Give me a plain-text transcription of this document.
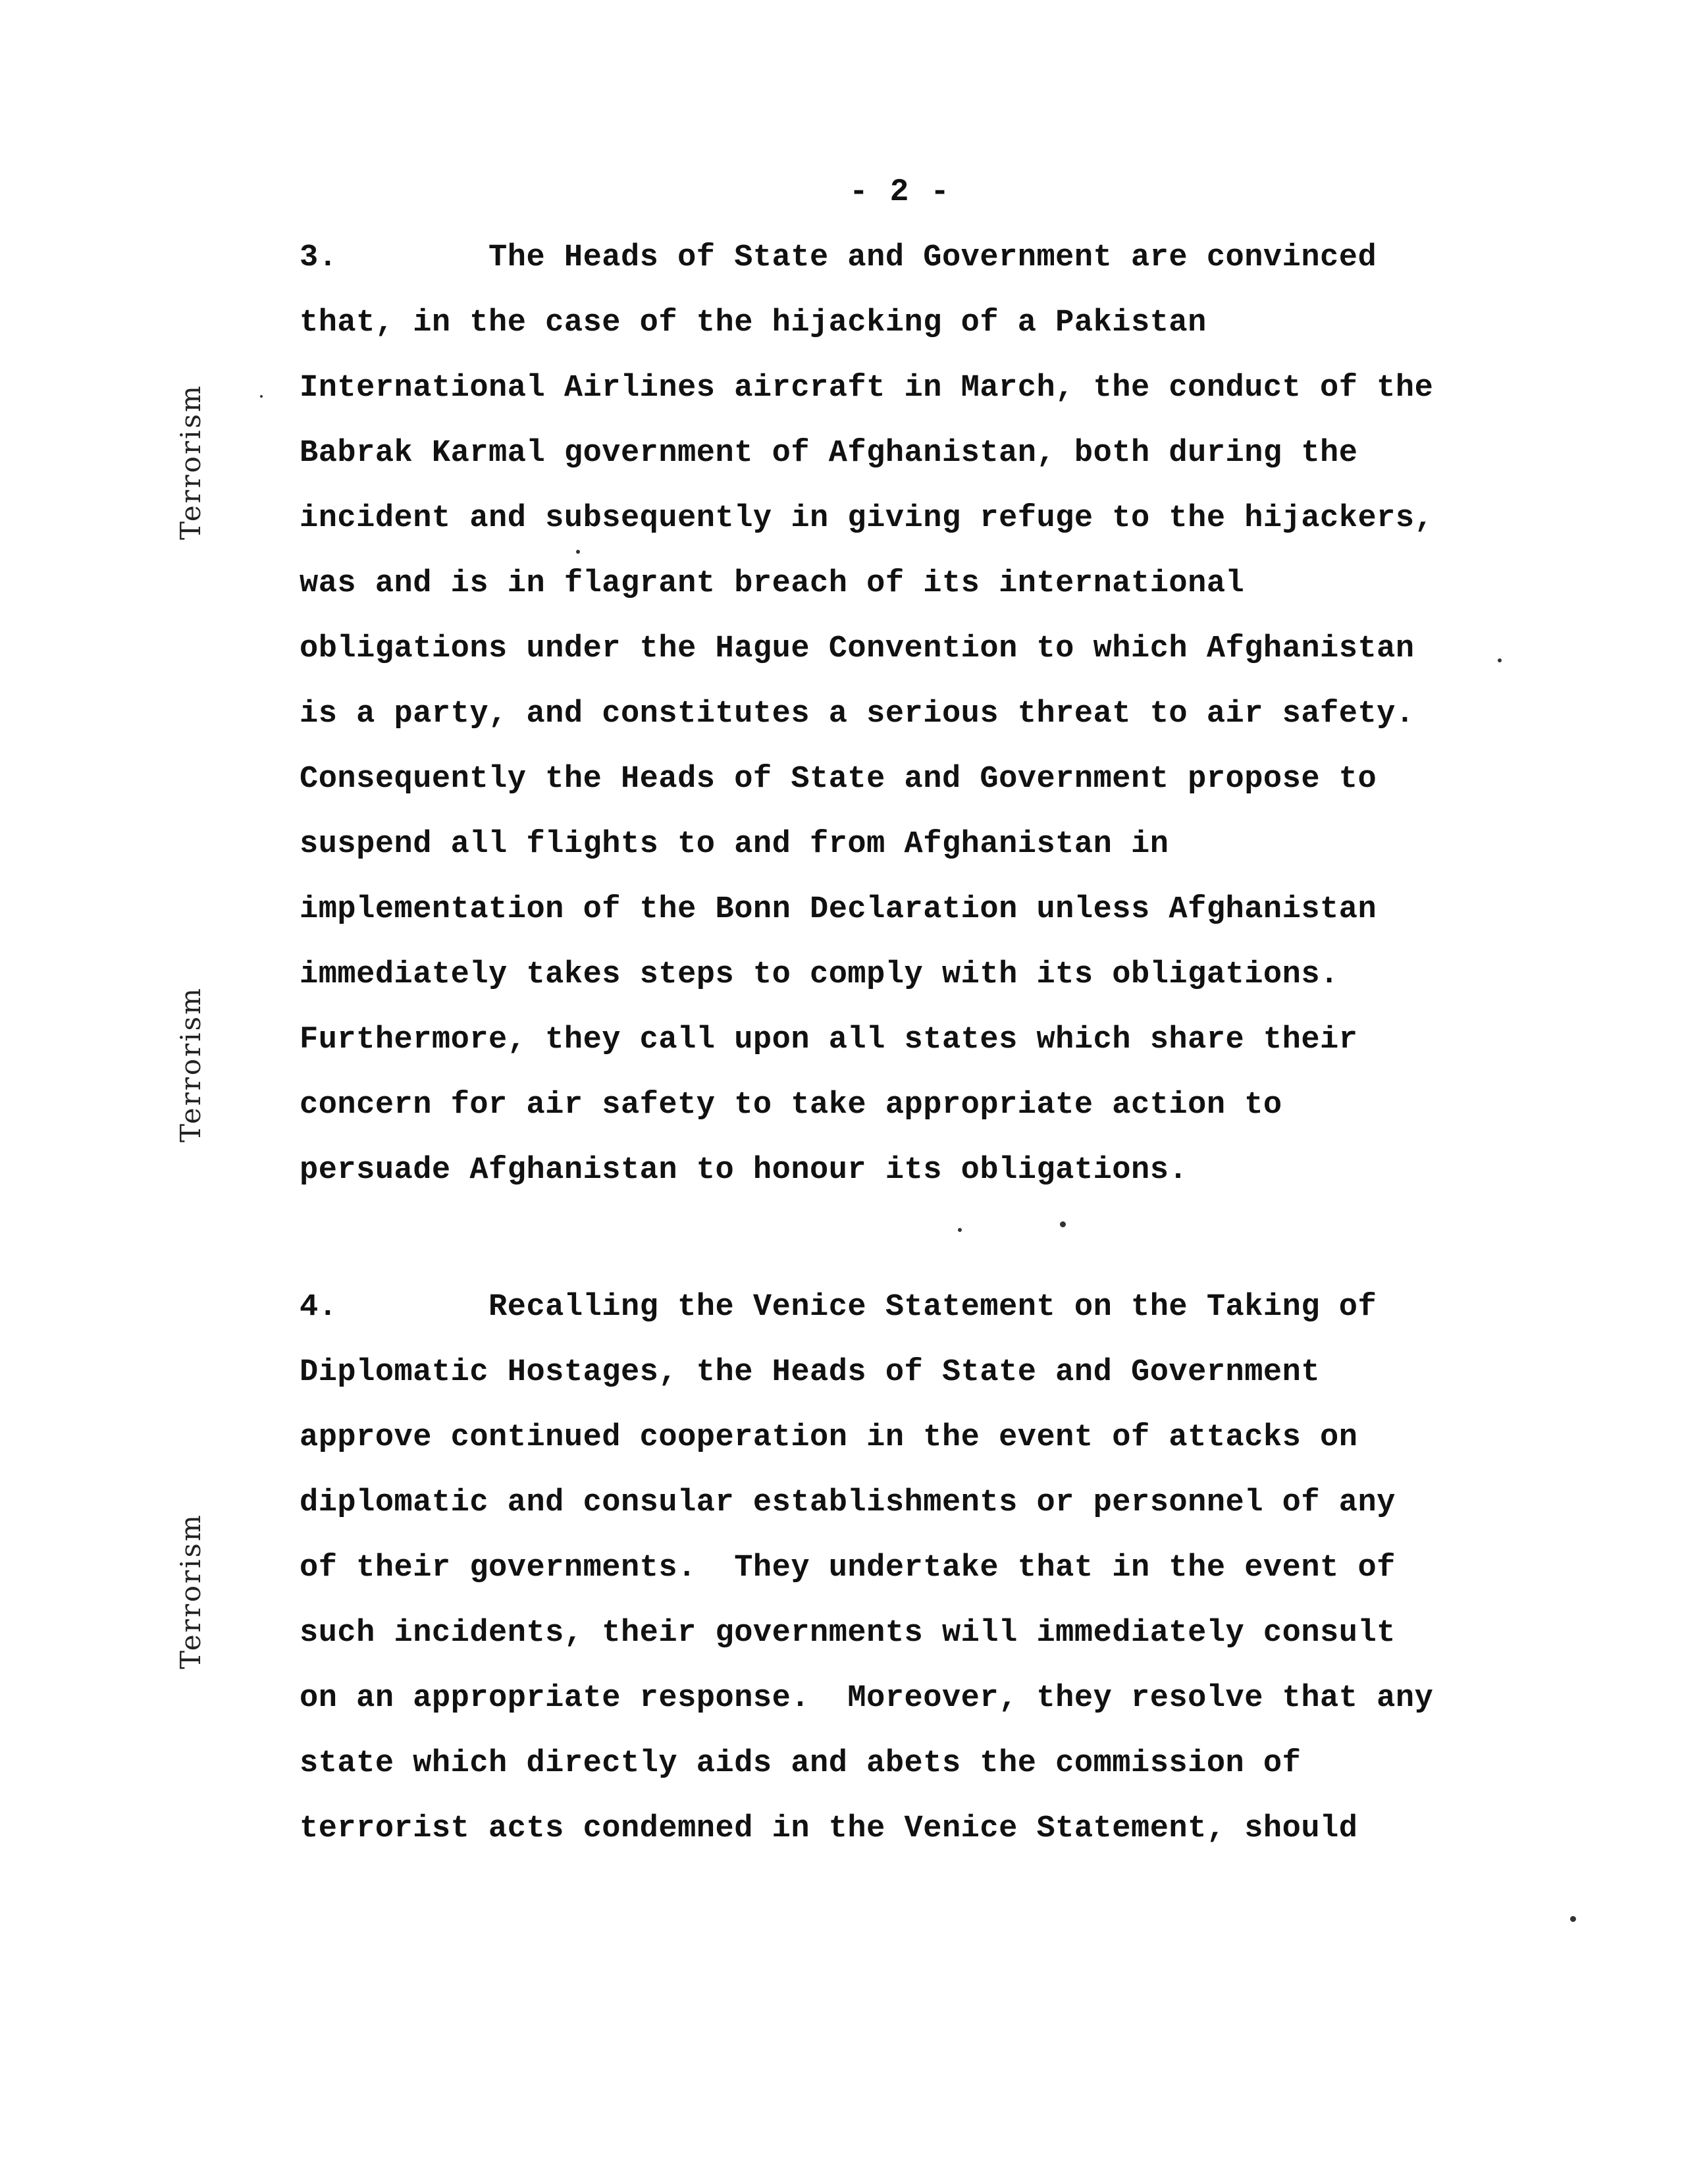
- 2 -
Terrorism
Terrorism
Terrorism
3.        The Heads of State and Government are convinced
that, in the case of the hijacking of a Pakistan
International Airlines aircraft in March, the conduct of the
Babrak Karmal government of Afghanistan, both during the
incident and subsequently in giving refuge to the hijackers,
was and is in flagrant breach of its international
obligations under the Hague Convention to which Afghanistan
is a party, and constitutes a serious threat to air safety.
Consequently the Heads of State and Government propose to
suspend all flights to and from Afghanistan in
implementation of the Bonn Declaration unless Afghanistan
immediately takes steps to comply with its obligations.
Furthermore, they call upon all states which share their
concern for air safety to take appropriate action to
persuade Afghanistan to honour its obligations.
4.        Recalling the Venice Statement on the Taking of
Diplomatic Hostages, the Heads of State and Government
approve continued cooperation in the event of attacks on
diplomatic and consular establishments or personnel of any
of their governments.  They undertake that in the event of
such incidents, their governments will immediately consult
on an appropriate response.  Moreover, they resolve that any
state which directly aids and abets the commission of
terrorist acts condemned in the Venice Statement, should
